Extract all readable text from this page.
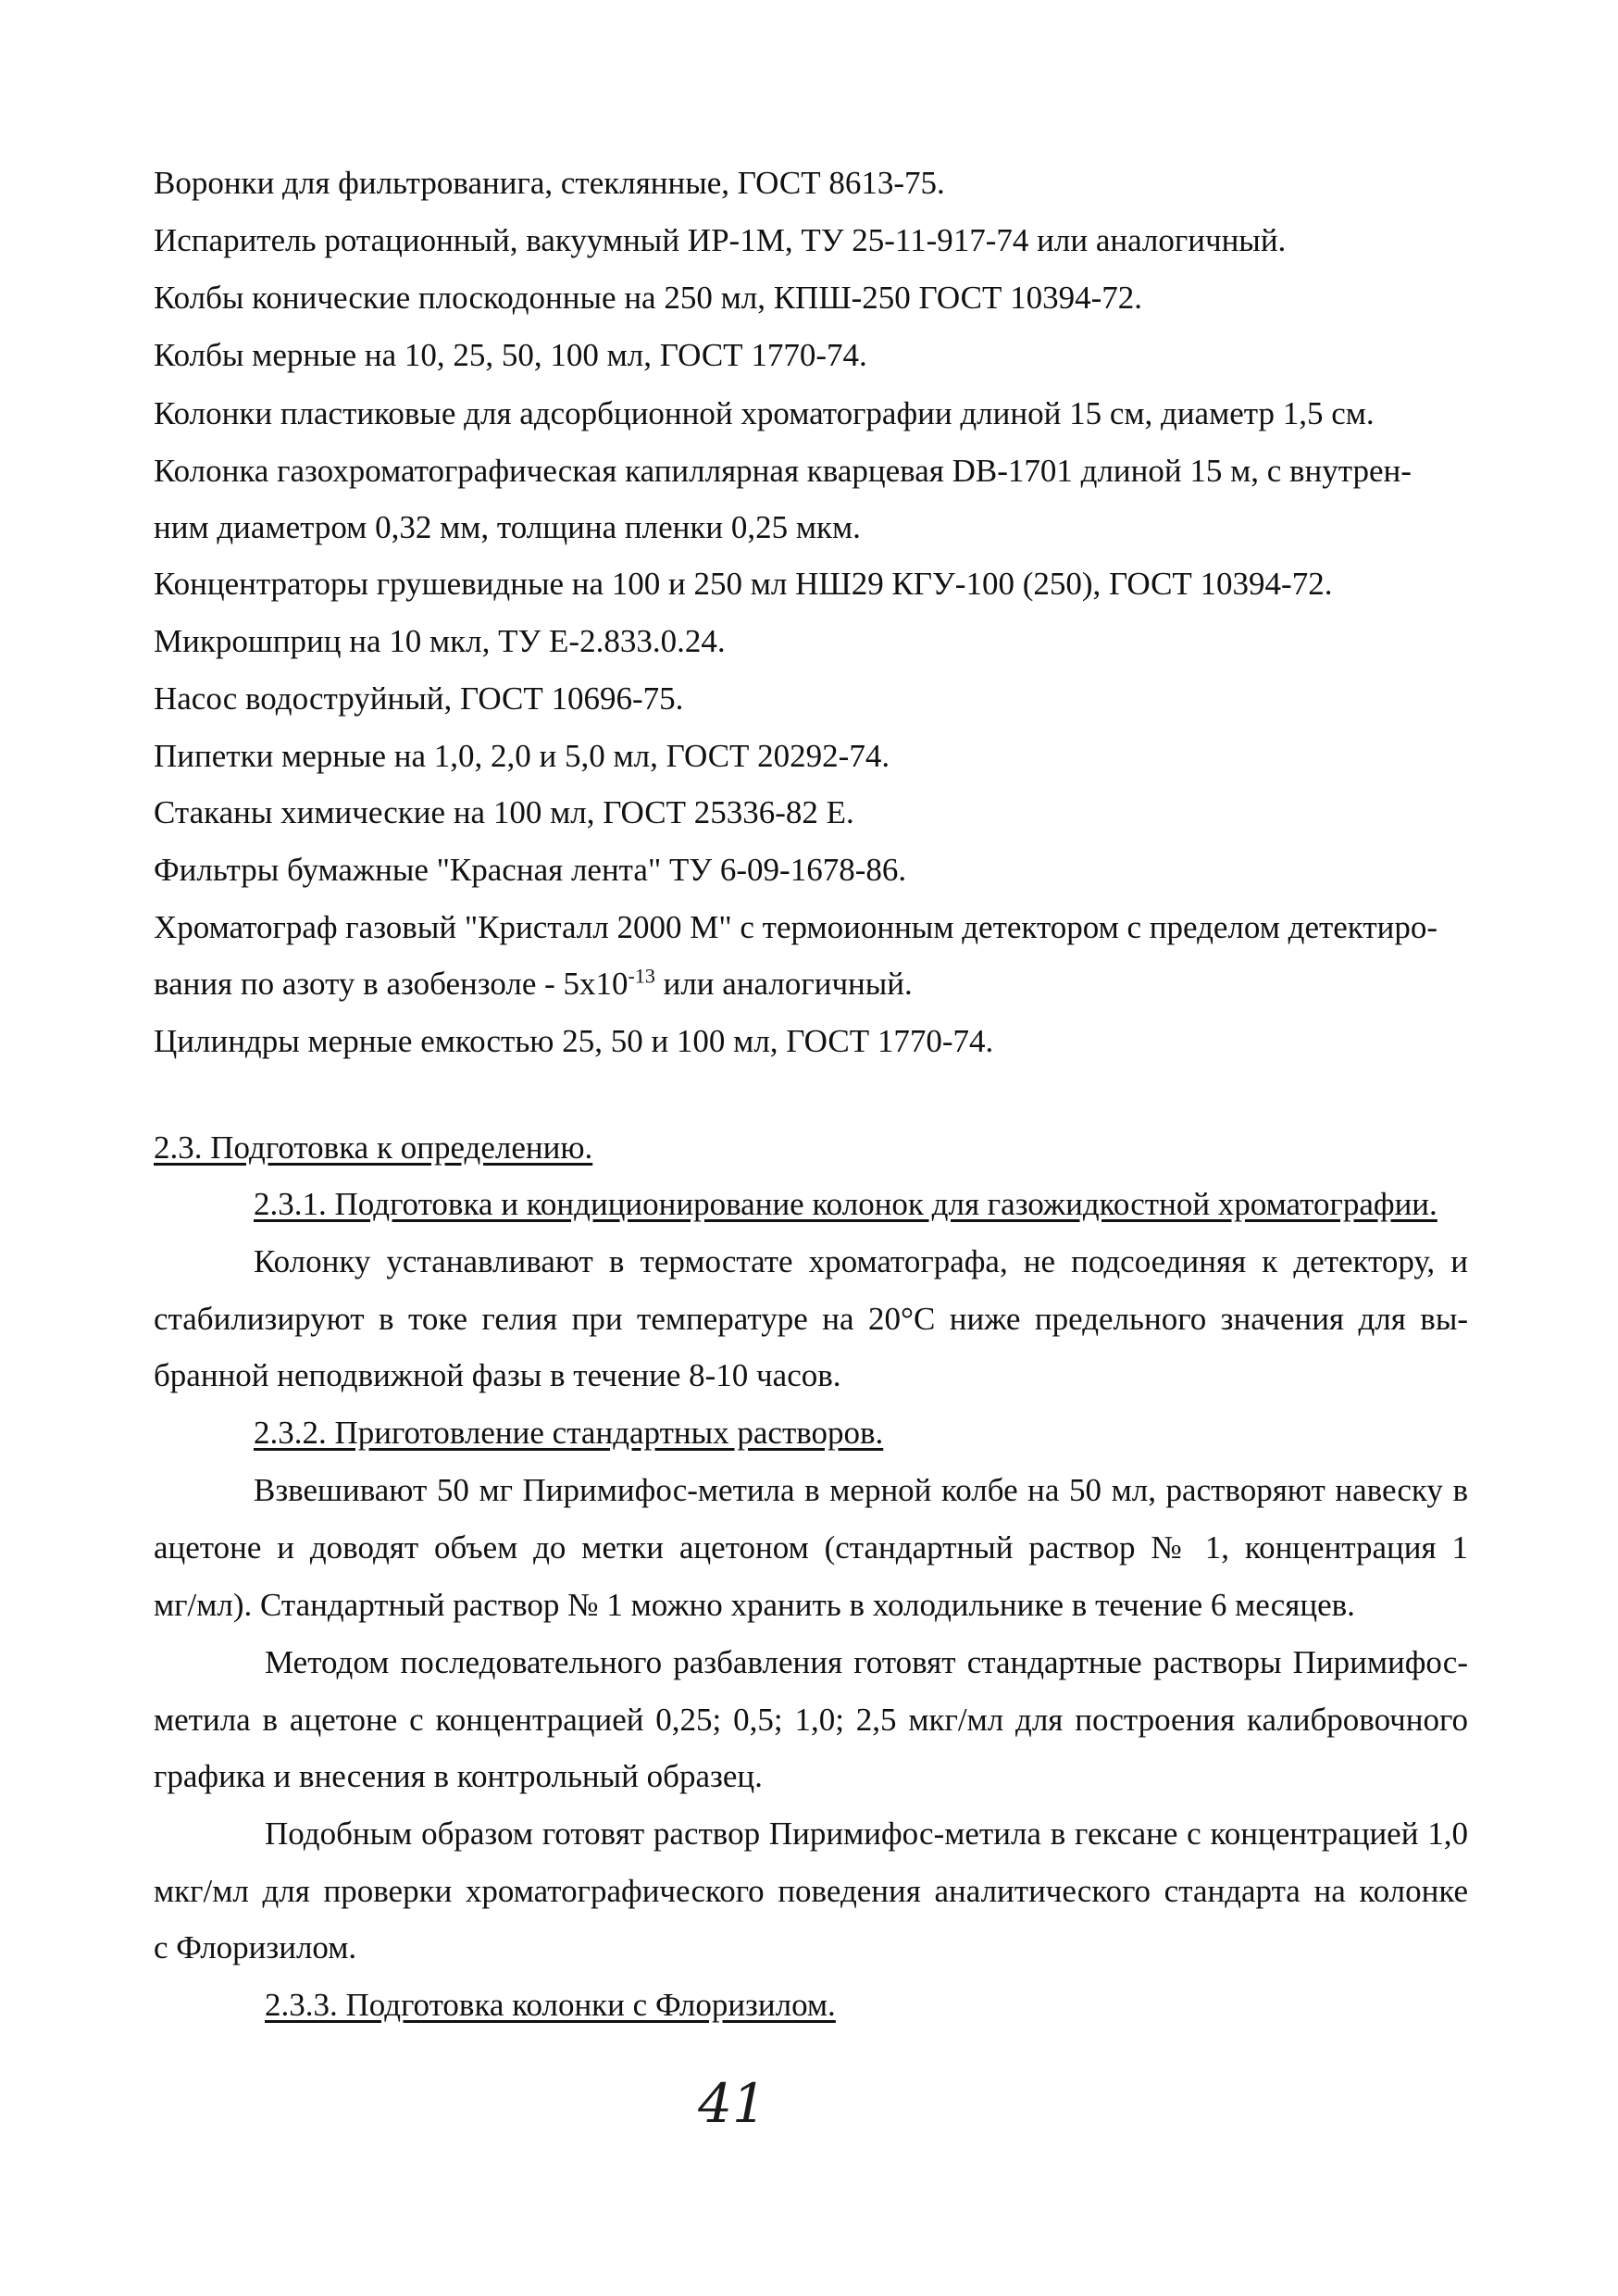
Воронки для фильтрованига, стеклянные, ГОСТ 8613-75.
Испаритель ротационный, вакуумный ИР-1М, ТУ 25-11-917-74 или аналогичный.
Колбы конические плоскодонные на 250 мл, КПШ-250 ГОСТ 10394-72.
Колбы мерные на 10, 25, 50, 100 мл, ГОСТ 1770-74.
Колонки пластиковые для адсорбционной хроматографии длиной 15 см, диаметр 1,5 см.
Колонка газохроматографическая капиллярная кварцевая DB-1701 длиной 15 м, с внутрен-
ним диаметром 0,32 мм, толщина пленки 0,25 мкм.
Концентраторы грушевидные на 100 и 250 мл НШ29 КГУ-100 (250), ГОСТ 10394-72.
Микрошприц на 10 мкл, ТУ Е-2.833.0.24.
Насос водоструйный, ГОСТ 10696-75.
Пипетки мерные на 1,0, 2,0 и 5,0 мл, ГОСТ 20292-74.
Стаканы химические на 100 мл, ГОСТ 25336-82 Е.
Фильтры бумажные "Красная лента" ТУ 6-09-1678-86.
Хроматограф газовый "Кристалл 2000 М" с термоионным детектором с пределом детектиро-
вания по азоту в азобензоле - $5x10^{-13}$ или аналогичный.
Цилиндры мерные емкостью 25, 50 и 100 мл, ГОСТ 1770-74.
2.3. Подготовка к определению.
2.3.1. Подготовка и кондиционирование колонок для газожидкостной хроматографии.
Колонку устанавливают в термостате хроматографа, не подсоединяя к детектору, и
стабилизируют в токе гелия при температуре на 20°С ниже предельного значения для вы-
бранной неподвижной фазы в течение 8-10 часов.
2.3.2. Приготовление стандартных растворов.
Взвешивают 50 мг Пиримифос-метила в мерной колбе на 50 мл, растворяют навеску в
ацетоне и доводят объем до метки ацетоном (стандартный раствор № 1, концентрация 1
мг/мл). Стандартный раствор № 1 можно хранить в холодильнике в течение 6 месяцев.
Методом последовательного разбавления готовят стандартные растворы Пиримифос-
метила в ацетоне с концентрацией 0,25; 0,5; 1,0; 2,5 мкг/мл для построения калибровочного
графика и внесения в контрольный образец.
Подобным образом готовят раствор Пиримифос-метила в гексане с концентрацией 1,0
мкг/мл для проверки хроматографического поведения аналитического стандарта на колонке
с Флоризилом.
2.3.3. Подготовка колонки с Флоризилом.
41
